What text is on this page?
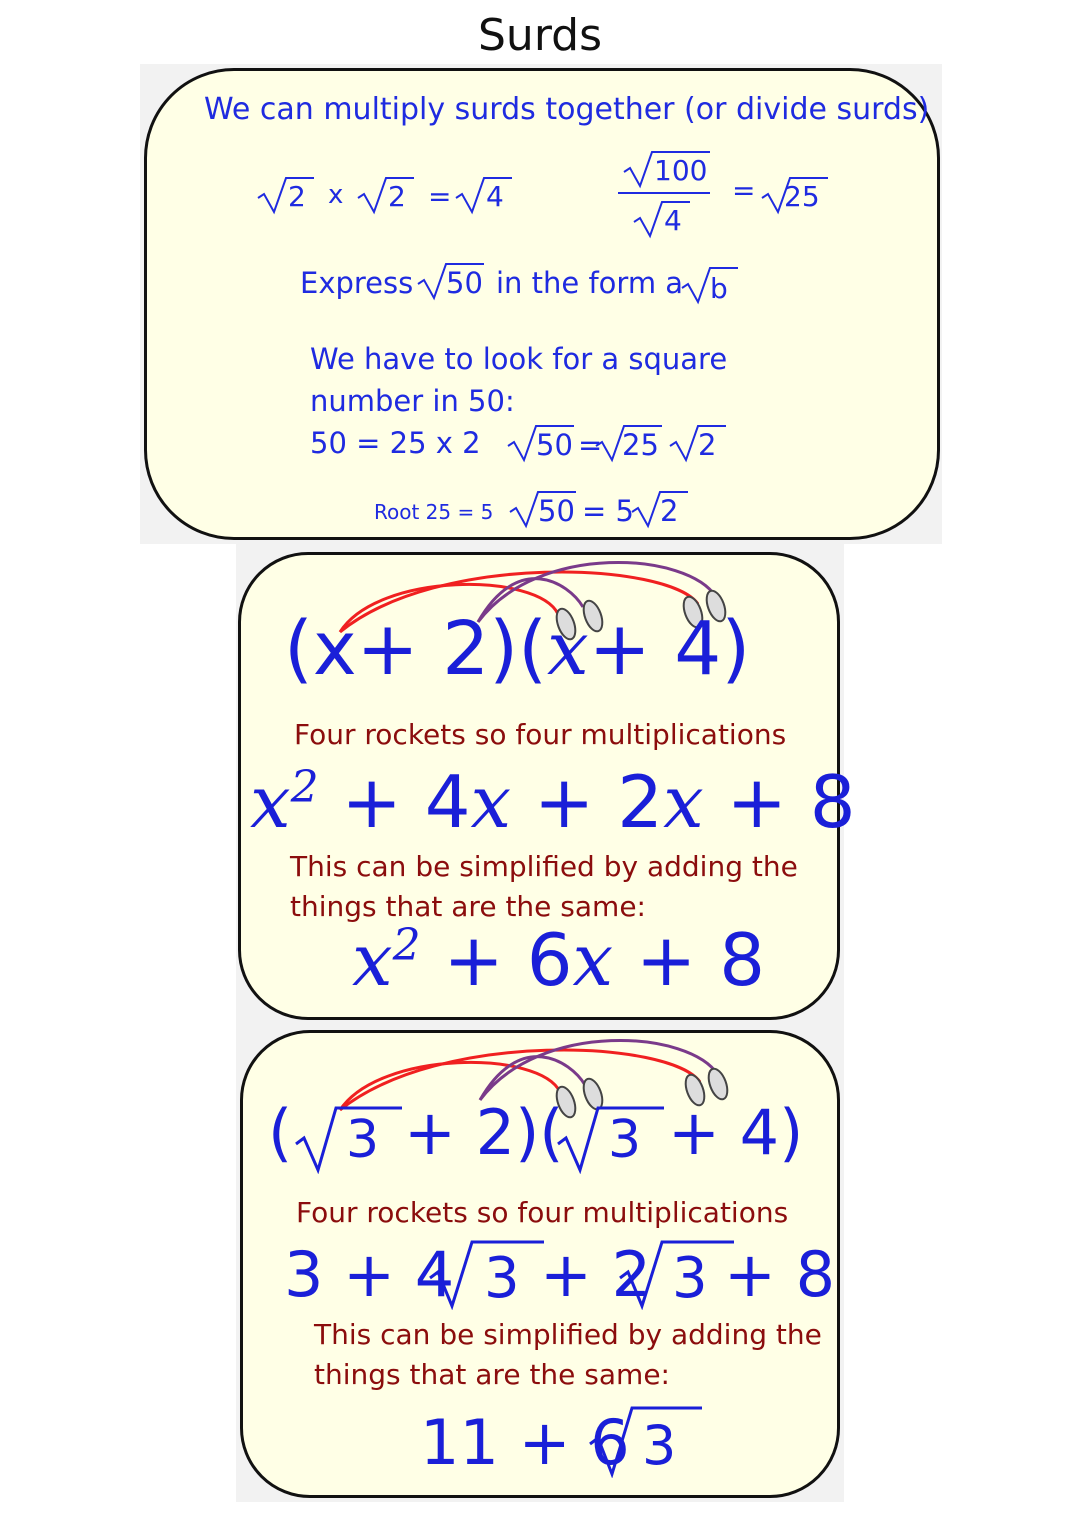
Surds
We can multiply surds together (or divide surds)
2 x 2 = 4
100
4
= 25
Express 50 in the form a b
We have to look for a square
number in 50:
50 = 25 x 2 50 = 25 2
Root 25 = 5 50 = 5 2
(x+ 2)(x+ 4)
Four rockets so four multiplications
$x^2 + 4x + 2x + 8$
This can be simplified by adding the
things that are the same:
$x^2 + 6x + 8$
( 3 + 2)( 3 + 4)
Four rockets so four multiplications
3 + 4 3 + 2 3 + 8
This can be simplified by adding the
things that are the same:
11 + 6 3
